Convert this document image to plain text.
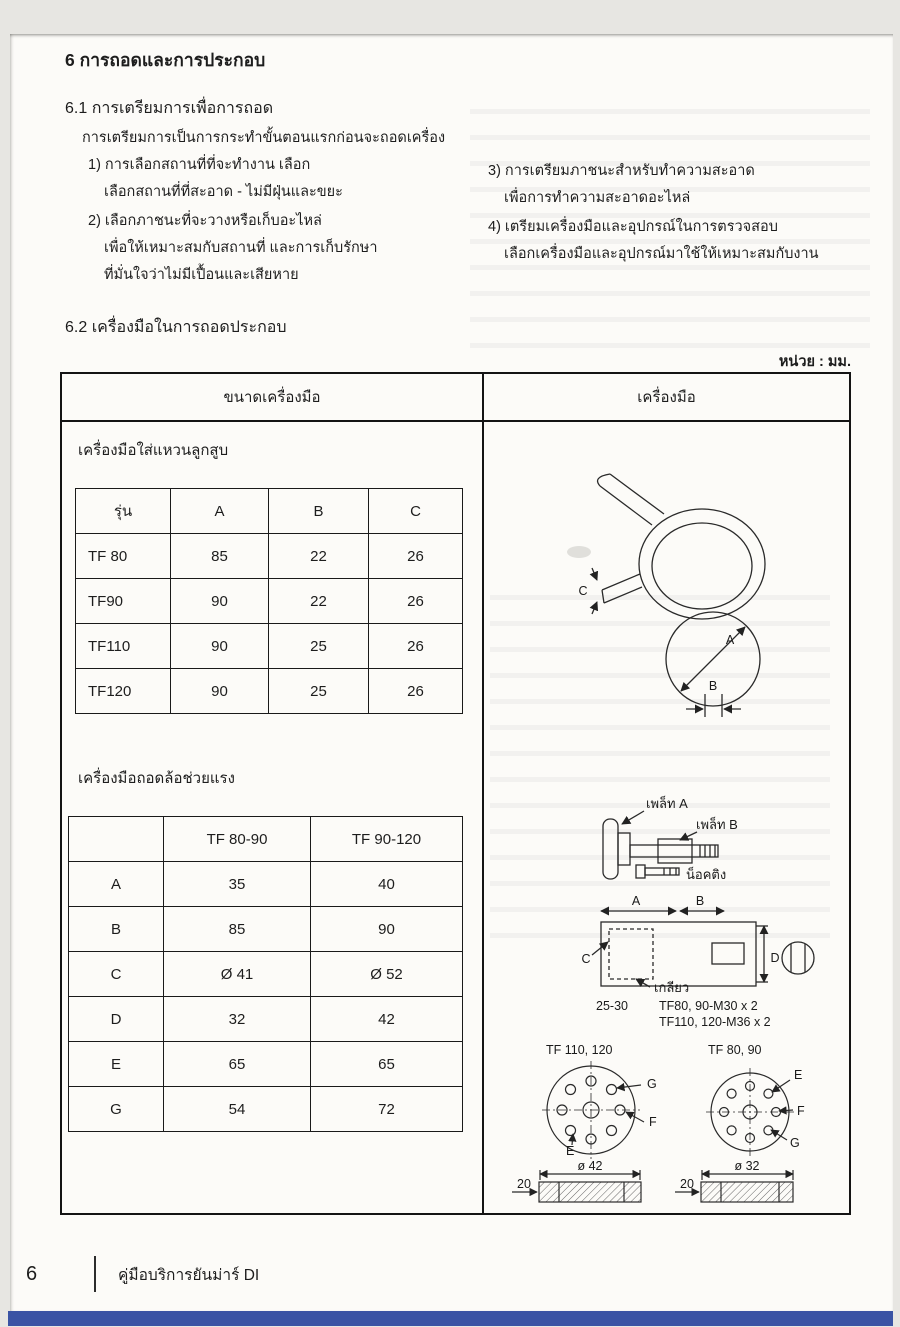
6 การถอดและการประกอบ
6.1 การเตรียมการเพื่อการถอด
การเตรียมการเป็นการกระทำขั้นตอนแรกก่อนจะถอดเครื่อง
1) การเลือกสถานที่ที่จะทำงาน เลือก
เลือกสถานที่ที่สะอาด - ไม่มีฝุ่นและขยะ
2) เลือกภาชนะที่จะวางหรือเก็บอะไหล่
เพื่อให้เหมาะสมกับสถานที่ และการเก็บรักษา
ที่มั่นใจว่าไม่มีเปื้อนและเสียหาย
3) การเตรียมภาชนะสำหรับทำความสะอาด
เพื่อการทำความสะอาดอะไหล่
4) เตรียมเครื่องมือและอุปกรณ์ในการตรวจสอบ
เลือกเครื่องมือและอุปกรณ์มาใช้ให้เหมาะสมกับงาน
6.2 เครื่องมือในการถอดประกอบ
หน่วย : มม.
ขนาดเครื่องมือ	เครื่องมือ
เครื่องมือใส่แหวนลูกสูบ
รุ่น	A	B	C
TF 80	85	22	26
TF90	90	22	26
TF110	90	25	26
TF120	90	25	26
เครื่องมือถอดล้อช่วยแรง
	TF 80-90	TF 90-120
A	35	40
B	85	90
C	Ø 41	Ø 52
D	32	42
E	65	65
G	54	72
C
A
B
เพล็ท A
เพล็ท B
น็อคติง
A	B
C	D
เกลียว
25-30 TF80, 90-M30 x 2
TF110, 120-M36 x 2
TF 110, 120
G
F
E
TF 80, 90
E
F
G
ø 42
20
ø 32
20
6	คู่มือบริการยันม่าร์ DI
